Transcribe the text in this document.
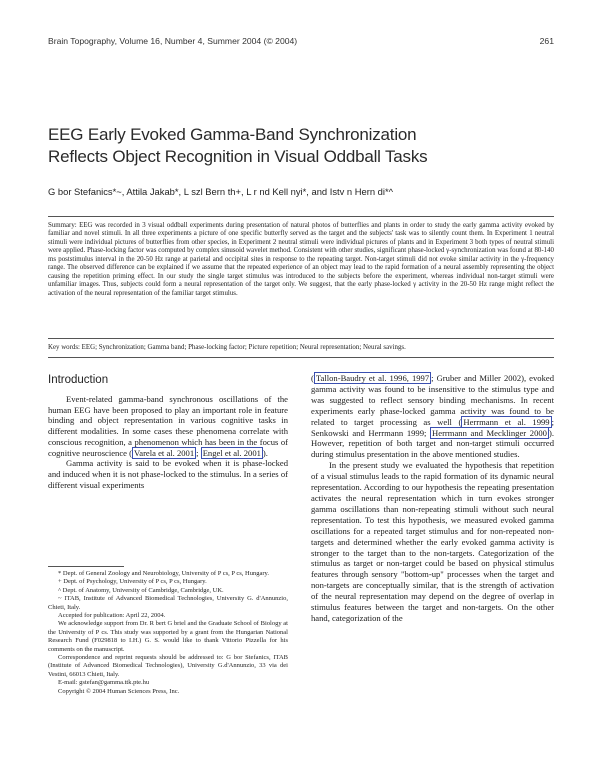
Brain Topography, Volume 16, Number 4, Summer 2004 (© 2004)	261
EEG Early Evoked Gamma-Band Synchronization
Reflects Object Recognition in Visual Oddball Tasks
G bor Stefanics*~, Attila Jakab*, L szl Bern th+, L r nd Kell nyi*, and Istv n Hern di*^
Summary: EEG was recorded in 3 visual oddball experiments during presentation of natural photos of butterflies and plants in order to study the early gamma activity evoked by familiar and novel stimuli. In all three experiments a picture of one specific butterfly served as the target and the subjects' task was to silently count them. In Experiment 1 neutral stimuli were individual pictures of butterflies from other species, in Experiment 2 neutral stimuli were individual pictures of plants and in Experiment 3 both types of neutral stimuli were applied. Phase-locking factor was computed by complex sinusoid wavelet method. Consistent with other studies, significant phase-locked γ-synchronization was found at 80-140 ms poststimulus interval in the 20-50 Hz range at parietal and occipital sites in response to the repeating target. Non-target stimuli did not evoke similar activity in the γ-frequency range. The observed difference can be explained if we assume that the repeated experience of an object may lead to the rapid formation of a neural assembly representing the object causing the repetition priming effect. In our study the single target stimulus was introduced to the subjects before the experiment, whereas individual non-target stimuli were unfamiliar images. Thus, subjects could form a neural representation of the target only. We suggest, that the early phase-locked γ activity in the 20-50 Hz range might reflect the activation of the neural representation of the familiar target stimulus.
Key words: EEG; Synchronization; Gamma band; Phase-locking factor; Picture repetition; Neural representation; Neural savings.
Introduction

Event-related gamma-band synchronous oscillations of the human EEG have been proposed to play an important role in feature binding and object representation in various cognitive tasks in different modalities. In some cases these phenomena correlate with conscious recognition, a phenomenon which has been in the focus of cognitive neuroscience ( Varela et al. 2001 ; Engel et al. 2001 ).

Gamma activity is said to be evoked when it is phase-locked and induced when it is not phase-locked to the stimulus. In a series of different visual experiments

* Dept. of General Zoology and Neurobiology, University of P cs, P cs, Hungary.
+ Dept. of Psychology, University of P cs, P cs, Hungary.
^ Dept. of Anatomy, University of Cambridge, Cambridge, UK.
~ ITAB, Institute of Advanced Biomedical Technologies, University G. d'Annunzio, Chieti, Italy.
Accepted for publication: April 22, 2004.
We acknowledge support from Dr. R bert G briel and the Graduate School of Biology at the University of P cs. This study was supported by a grant from the Hungarian National Research Fund (F029818 to I.H.) G. S. would like to thank Vittorio Pizzella for his comments on the manuscript.
Correspondence and reprint requests should be addressed to: G bor Stefanics, ITAB (Institute of Advanced Biomedical Technologies), University G.d'Annunzio, 33 via dei Vestini, 66013 Chieti, Italy.
E-mail: gstefan@gamma.ttk.pte.hu
Copyright © 2004 Human Sciences Press, Inc.

( Tallon-Baudry et al. 1996, 1997 ; Gruber and Miller 2002), evoked gamma activity was found to be insensitive to the stimulus type and was suggested to reflect sensory binding mechanisms. In recent experiments early phase-locked gamma activity was found to be related to target processing as well ( Herrmann et al. 1999 ; Senkowski and Herrmann 1999; Herrmann and Mecklinger 2000 ). However, repetition of both target and non-target stimuli occurred during stimulus presentation in the above mentioned studies.

In the present study we evaluated the hypothesis that repetition of a visual stimulus leads to the rapid formation of its dynamic neural representation. According to our hypothesis the repeating presentation activates the neural representation which in turn evokes stronger gamma oscillations than non-repeating stimuli without such neural representation. To test this hypothesis, we measured evoked gamma oscillations for a repeated target stimulus and for non-repeated non-targets and determined whether the early evoked gamma activity is stronger to the target than to the non-targets. Categorization of the stimulus as target or non-target could be based on physical stimulus features through sensory "bottom-up" processes when the target and non-targets are conceptually similar, that is the strength of activation of the neural representation may depend on the degree of overlap in stimulus features between the target and non-targets. On the other hand, categorization of the
